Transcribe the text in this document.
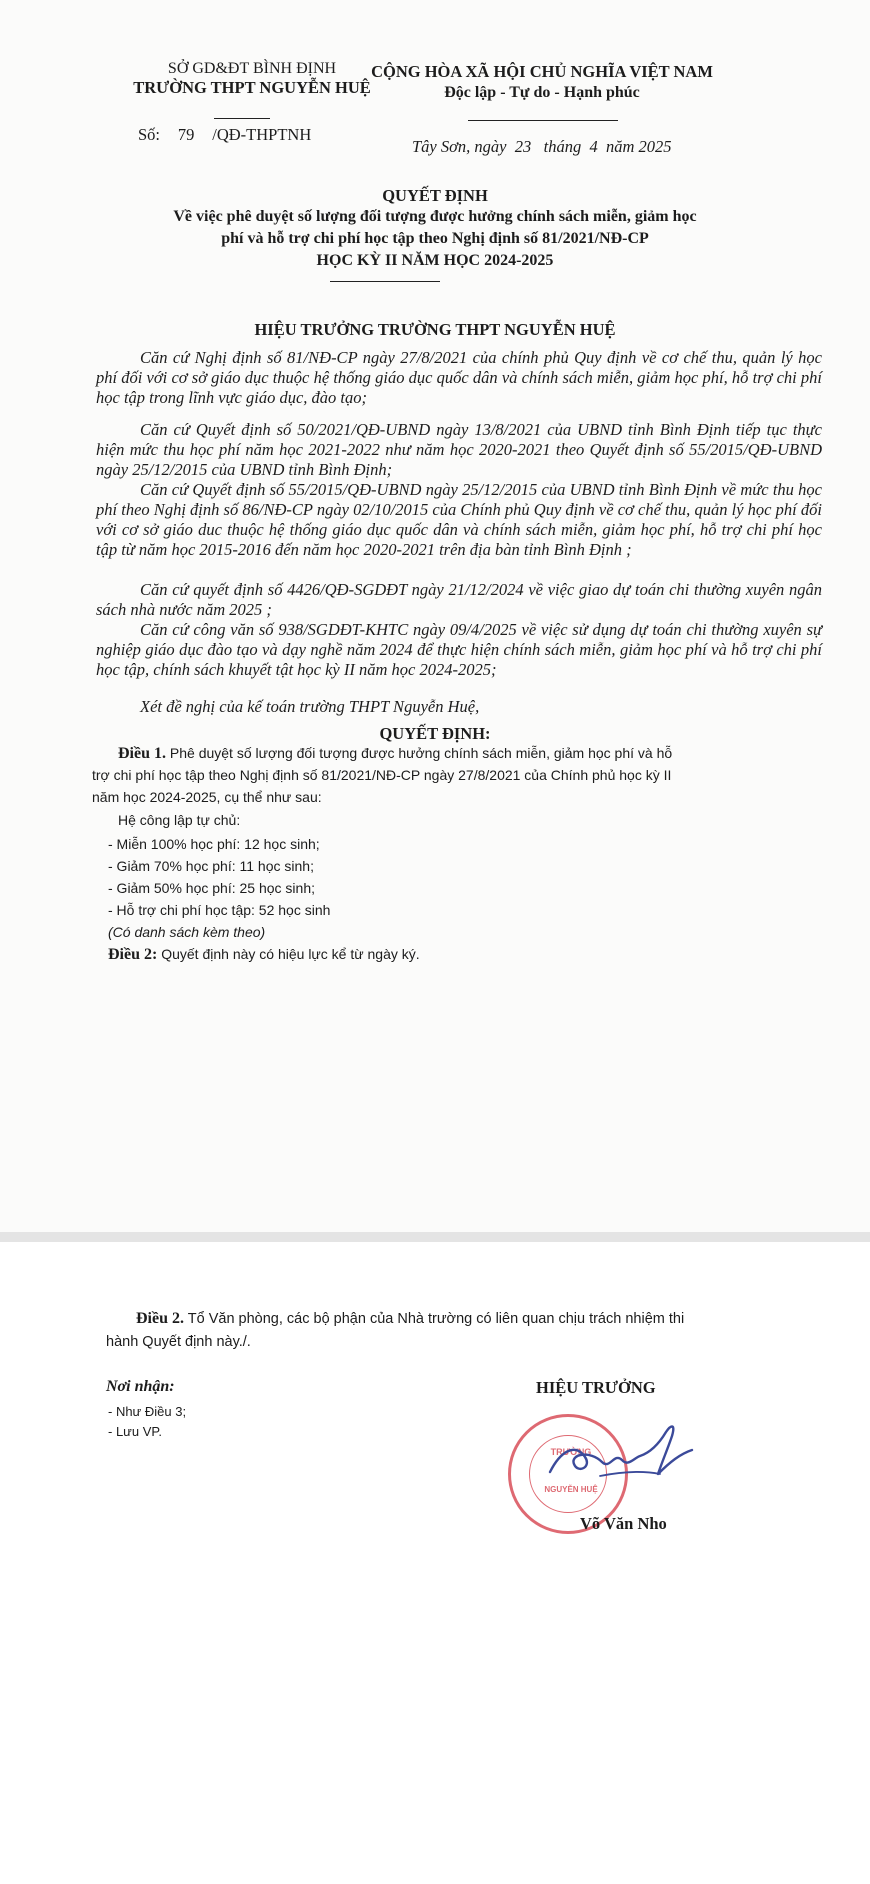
SỞ GD&ĐT BÌNH ĐỊNH
TRƯỜNG THPT NGUYỄN HUỆ
CỘNG HÒA XÃ HỘI CHỦ NGHĨA VIỆT NAM
Độc lập - Tự do - Hạnh phúc
Số: 79 /QĐ-THPTNH
Tây Sơn, ngày  23   tháng  4  năm 2025
QUYẾT ĐỊNH
Về việc phê duyệt số lượng đối tượng được hưởng chính sách miễn, giảm học
phí và hỗ trợ chi phí học tập theo Nghị định số 81/2021/NĐ-CP
HỌC KỲ II NĂM HỌC 2024-2025
HIỆU TRƯỞNG TRƯỜNG THPT NGUYỄN HUỆ

Căn cứ Nghị định số 81/NĐ-CP ngày 27/8/2021 của chính phủ Quy định về cơ chế thu, quản lý học phí đối với cơ sở giáo dục thuộc hệ thống giáo dục quốc dân và chính sách miễn, giảm học phí, hỗ trợ chi phí học tập trong lĩnh vực giáo dục, đào tạo;

Căn cứ Quyết định số 50/2021/QĐ-UBND ngày 13/8/2021 của UBND tỉnh Bình Định tiếp tục thực hiện mức thu học phí năm học 2021-2022 như năm học 2020-2021 theo Quyết định số 55/2015/QĐ-UBND ngày 25/12/2015 của UBND tỉnh Bình Định;

Căn cứ Quyết định số 55/2015/QĐ-UBND ngày 25/12/2015 của UBND tỉnh Bình Định về mức thu học phí theo Nghị định số 86/NĐ-CP ngày 02/10/2015 của Chính phủ Quy định về cơ chế thu, quản lý học phí đối với cơ sở giáo duc thuộc hệ thống giáo dục quốc dân và chính sách miễn, giảm học phí, hỗ trợ chi phí học tập từ năm học 2015-2016 đến năm học 2020-2021 trên địa bàn tỉnh Bình Định ;

Căn cứ quyết định số 4426/QĐ-SGDĐT ngày 21/12/2024 về việc giao dự toán chi thường xuyên ngân sách nhà nước năm 2025 ;

Căn cứ công văn số 938/SGDĐT-KHTC ngày 09/4/2025 về việc sử dụng dự toán chi thường xuyên sự nghiệp giáo dục đào tạo và dạy nghề năm 2024 để thực hiện chính sách miễn, giảm học phí và hỗ trợ chi phí học tập, chính sách khuyết tật học kỳ II năm học 2024-2025;

Xét đề nghị của kế toán trường THPT Nguyễn Huệ,

QUYẾT ĐỊNH:
Điều 1. Phê duyệt số lượng đối tượng được hưởng chính sách miễn, giảm học phí và hỗ
trợ chi phí học tập theo Nghị định số 81/2021/NĐ-CP ngày 27/8/2021 của Chính phủ học kỳ II
năm học 2024-2025, cụ thể như sau:
Hệ công lập tự chủ:
- Miễn 100% học phí: 12 học sinh;
- Giảm 70% học phí: 11 học sinh;
- Giảm 50% học phí: 25 học sinh;
- Hỗ trợ chi phí học tập: 52 học sinh
(Có danh sách kèm theo)
Điều 2: Quyết định này có hiệu lực kể từ ngày ký.
Điều 2. Tổ Văn phòng, các bộ phận của Nhà trường có liên quan chịu trách nhiệm thi
hành Quyết định này./.
Nơi nhận:
- Như Điều 3;
- Lưu VP.
HIỆU TRƯỞNG
TRƯỜNG
NGUYỄN HUỆ
Võ Văn Nho
